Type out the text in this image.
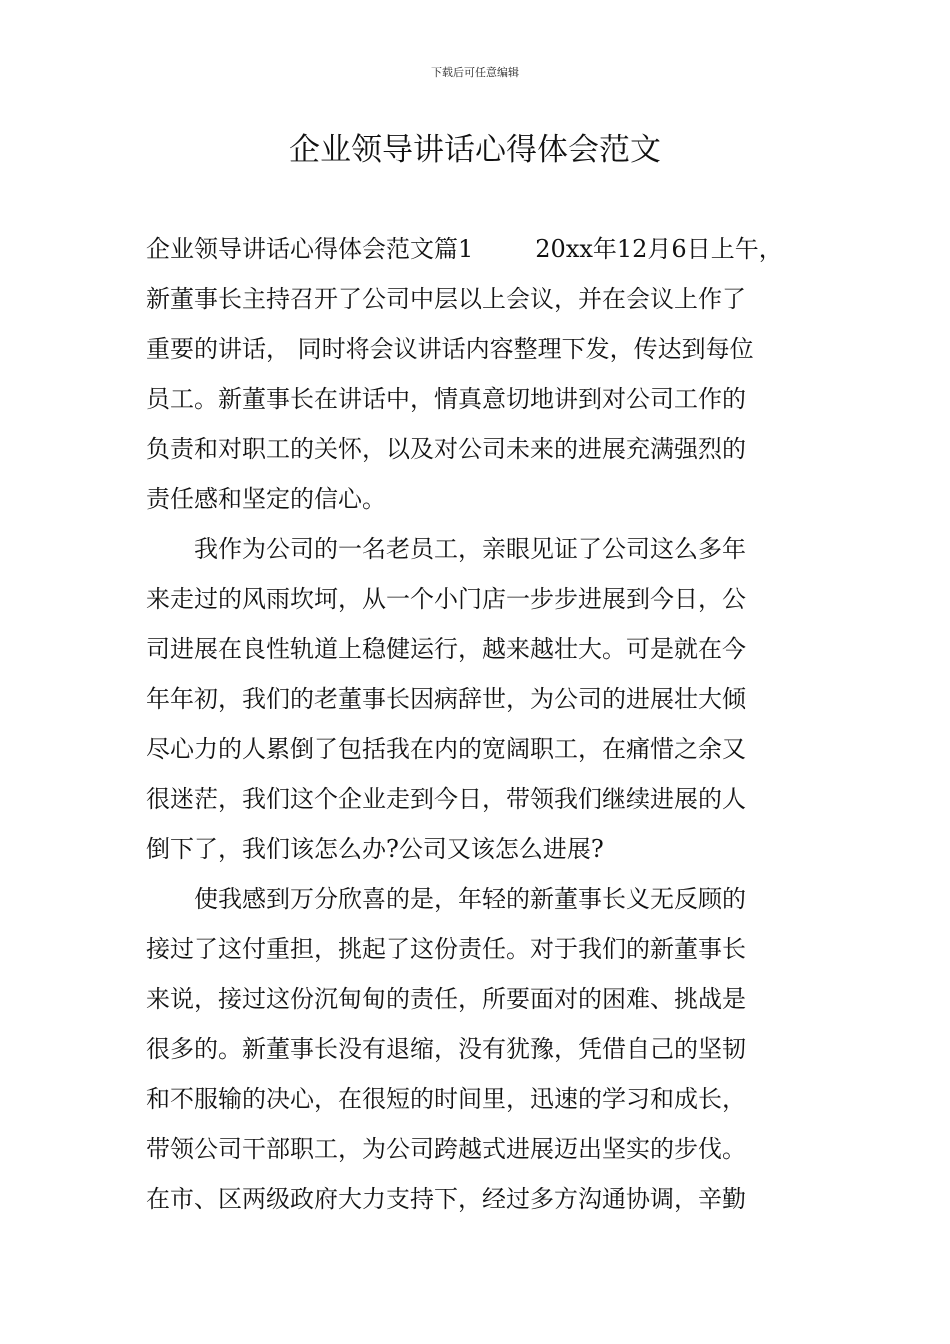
下载后可任意编辑
企业领导讲话心得体会范文
企业领导讲话心得体会范文篇1	20xx年12月6日上午，
新董事长主持召开了公司中层以上会议，并在会议上作了
重要的讲话， 同时将会议讲话内容整理下发，传达到每位
员工。新董事长在讲话中，情真意切地讲到对公司工作的
负责和对职工的关怀，以及对公司未来的进展充满强烈的
责任感和坚定的信心。
我作为公司的一名老员工，亲眼见证了公司这么多年
来走过的风雨坎坷，从一个小门店一步步进展到今日，公
司进展在良性轨道上稳健运行，越来越壮大。可是就在今
年年初，我们的老董事长因病辞世，为公司的进展壮大倾
尽心力的人累倒了包括我在内的宽阔职工，在痛惜之余又
很迷茫，我们这个企业走到今日，带领我们继续进展的人
倒下了，我们该怎么办?公司又该怎么进展?
使我感到万分欣喜的是，年轻的新董事长义无反顾的
接过了这付重担，挑起了这份责任。对于我们的新董事长
来说，接过这份沉甸甸的责任，所要面对的困难、挑战是
很多的。新董事长没有退缩，没有犹豫，凭借自己的坚韧
和不服输的决心，在很短的时间里，迅速的学习和成长，
带领公司干部职工，为公司跨越式进展迈出坚实的步伐。
在市、区两级政府大力支持下，经过多方沟通协调，辛勤
